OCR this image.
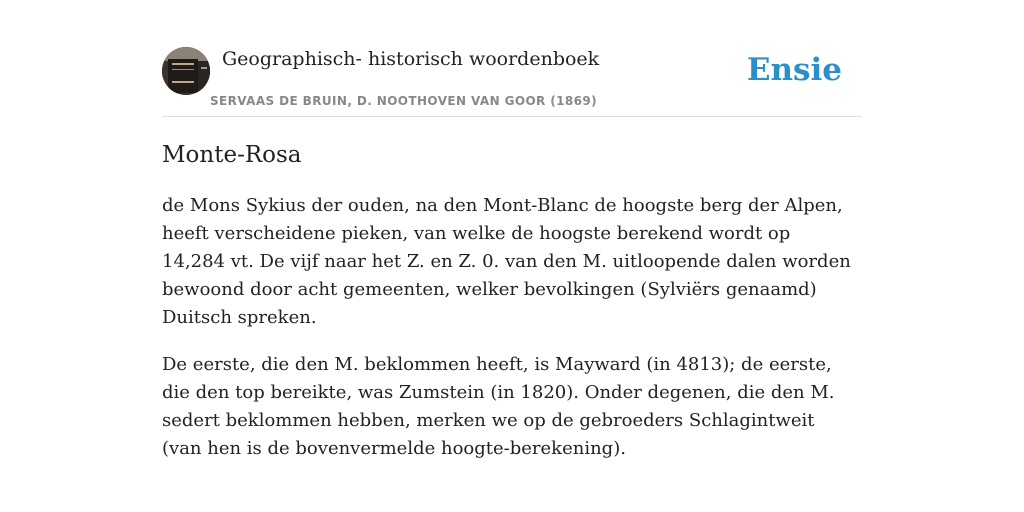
Geographisch- historisch woordenboek
SERVAAS DE BRUIN, D. NOOTHOVEN VAN GOOR (1869)
Ensie
Monte-Rosa

de Mons Sykius der ouden, na den Mont-Blanc de hoogste berg der Alpen, heeft verscheidene pieken, van welke de hoogste berekend wordt op 14,284 vt. De vijf naar het Z. en Z. 0. van den M. uitloopende dalen worden bewoond door acht gemeenten, welker bevolkingen (Sylviërs genaamd) Duitsch spreken.

De eerste, die den M. beklommen heeft, is Mayward (in 4813); de eerste, die den top bereikte, was Zumstein (in 1820). Onder degenen, die den M. sedert beklommen hebben, merken we op de gebroeders Schlagintweit (van hen is de bovenvermelde hoogte-berekening).
